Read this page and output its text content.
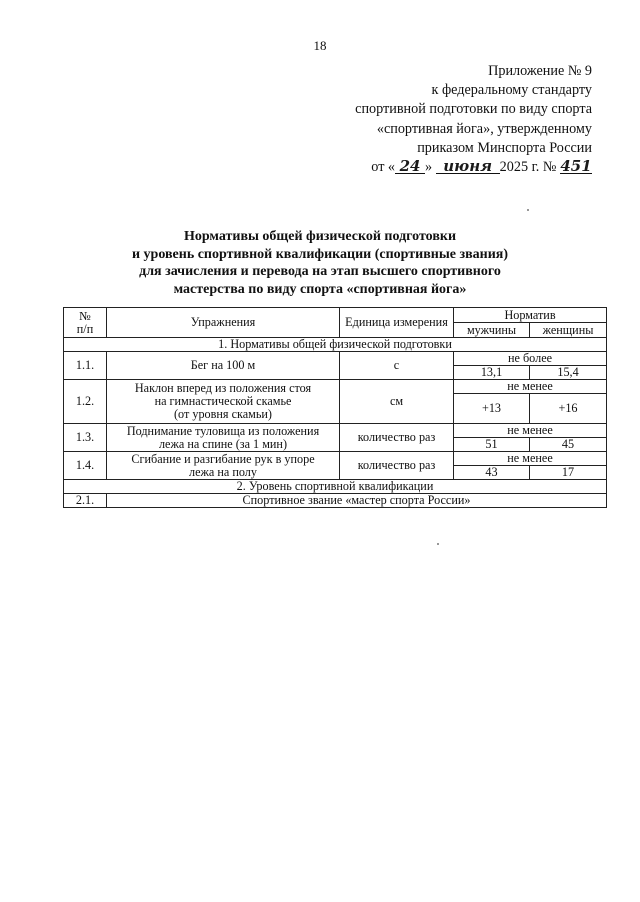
18
Приложение № 9
к федеральному стандарту
спортивной подготовки по виду спорта
«спортивная йога», утвержденному
приказом Минспорта России
от « 24 » июня 2025 г. № 451
Нормативы общей физической подготовки
и уровень спортивной квалификации (спортивные звания)
для зачисления и перевода на этап высшего спортивного
мастерства по виду спорта «спортивная йога»
№
п/п	Упражнения	Единица измерения	Норматив	
			мужчины	женщины
1. Нормативы общей физической подготовки				
1.1.	Бег на 100 м	с	не более	
			13,1	15,4
1.2.	Наклон вперед из положения стоя
на гимнастической скамье
(от уровня скамьи)	см	не менее	
			+13	+16
1.3.	Поднимание туловища из положения
лежа на спине (за 1 мин)	количество раз	не менее	
			51	45
1.4.	Сгибание и разгибание рук в упоре
лежа на полу	количество раз	не менее	
			43	17
2. Уровень спортивной квалификации				
2.1.	Спортивное звание «мастер спорта России»			
